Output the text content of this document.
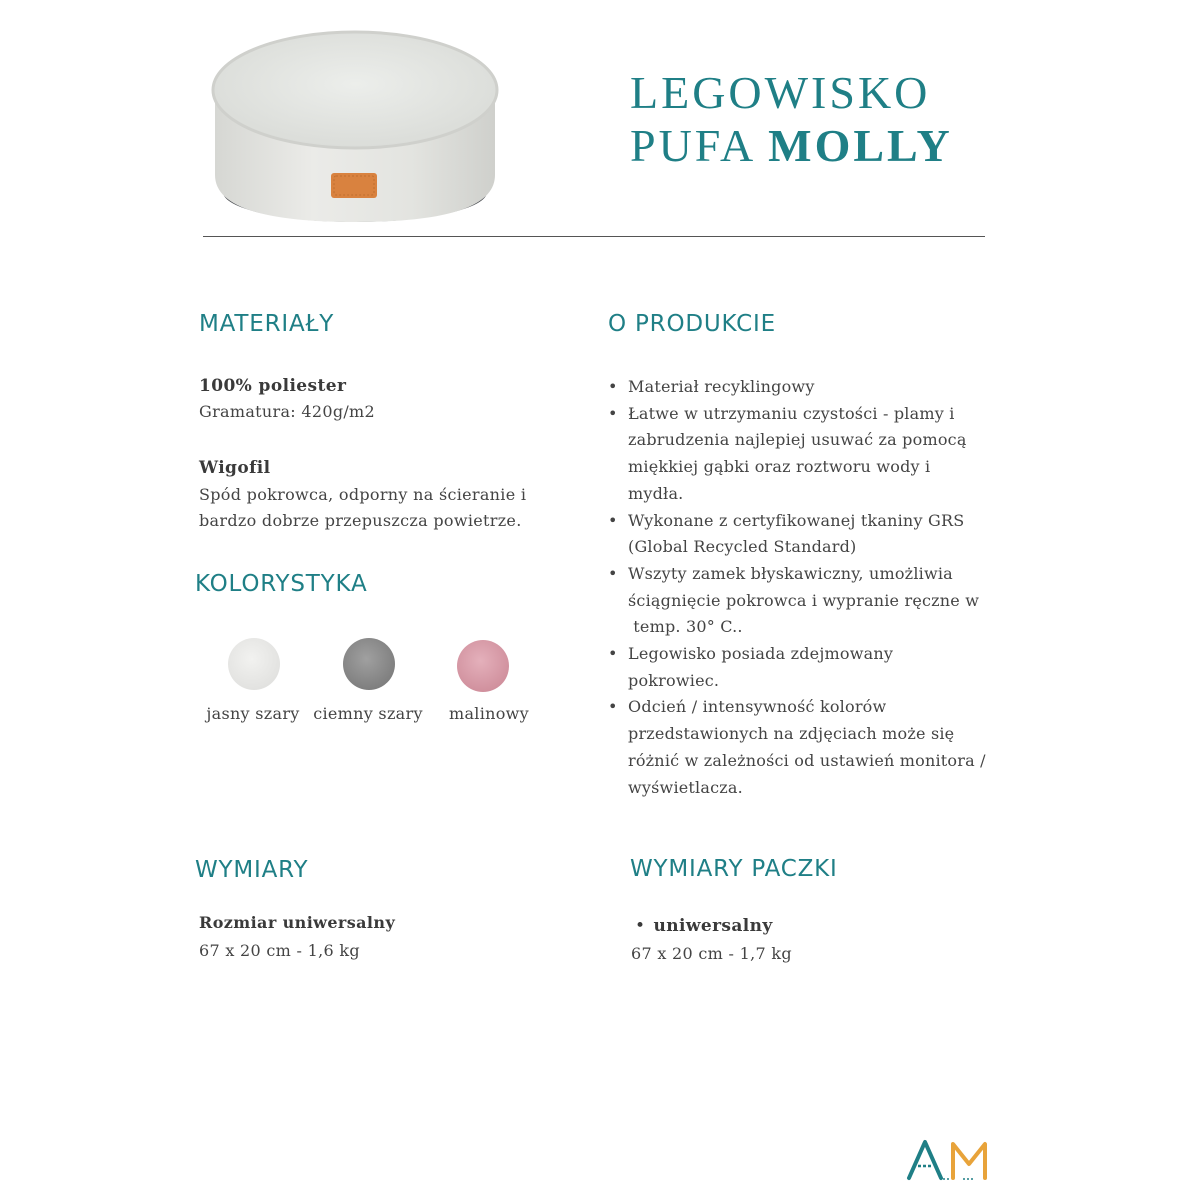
LEGOWISKO
PUFA MOLLY
MATERIAŁY
100% poliester
Gramatura: 420g/m2
Wigofil
Spód pokrowca, odporny na ścieranie i
bardzo dobrze przepuszcza powietrze.
KOLORYSTYKA
jasny szary ciemny szary	malinowy
O PRODUKCIE
• Materiał recyklingowy
• Łatwe w utrzymaniu czystości - plamy i
zabrudzenia najlepiej usuwać za pomocą
miękkiej gąbki oraz roztworu wody i
mydła.
• Wykonane z certyfikowanej tkaniny GRS
(Global Recycled Standard)
• Wszyty zamek błyskawiczny, umożliwia
ściągnięcie pokrowca i wypranie ręczne w
temp. 30° C..
• Legowisko posiada zdejmowany
pokrowiec.
• Odcień / intensywność kolorów
przedstawionych na zdjęciach może się
różnić w zależności od ustawień monitora /
wyświetlacza.
WYMIARY
Rozmiar uniwersalny
67 x 20 cm - 1,6 kg
WYMIARY PACZKI
• uniwersalny
67 x 20 cm - 1,7 kg
